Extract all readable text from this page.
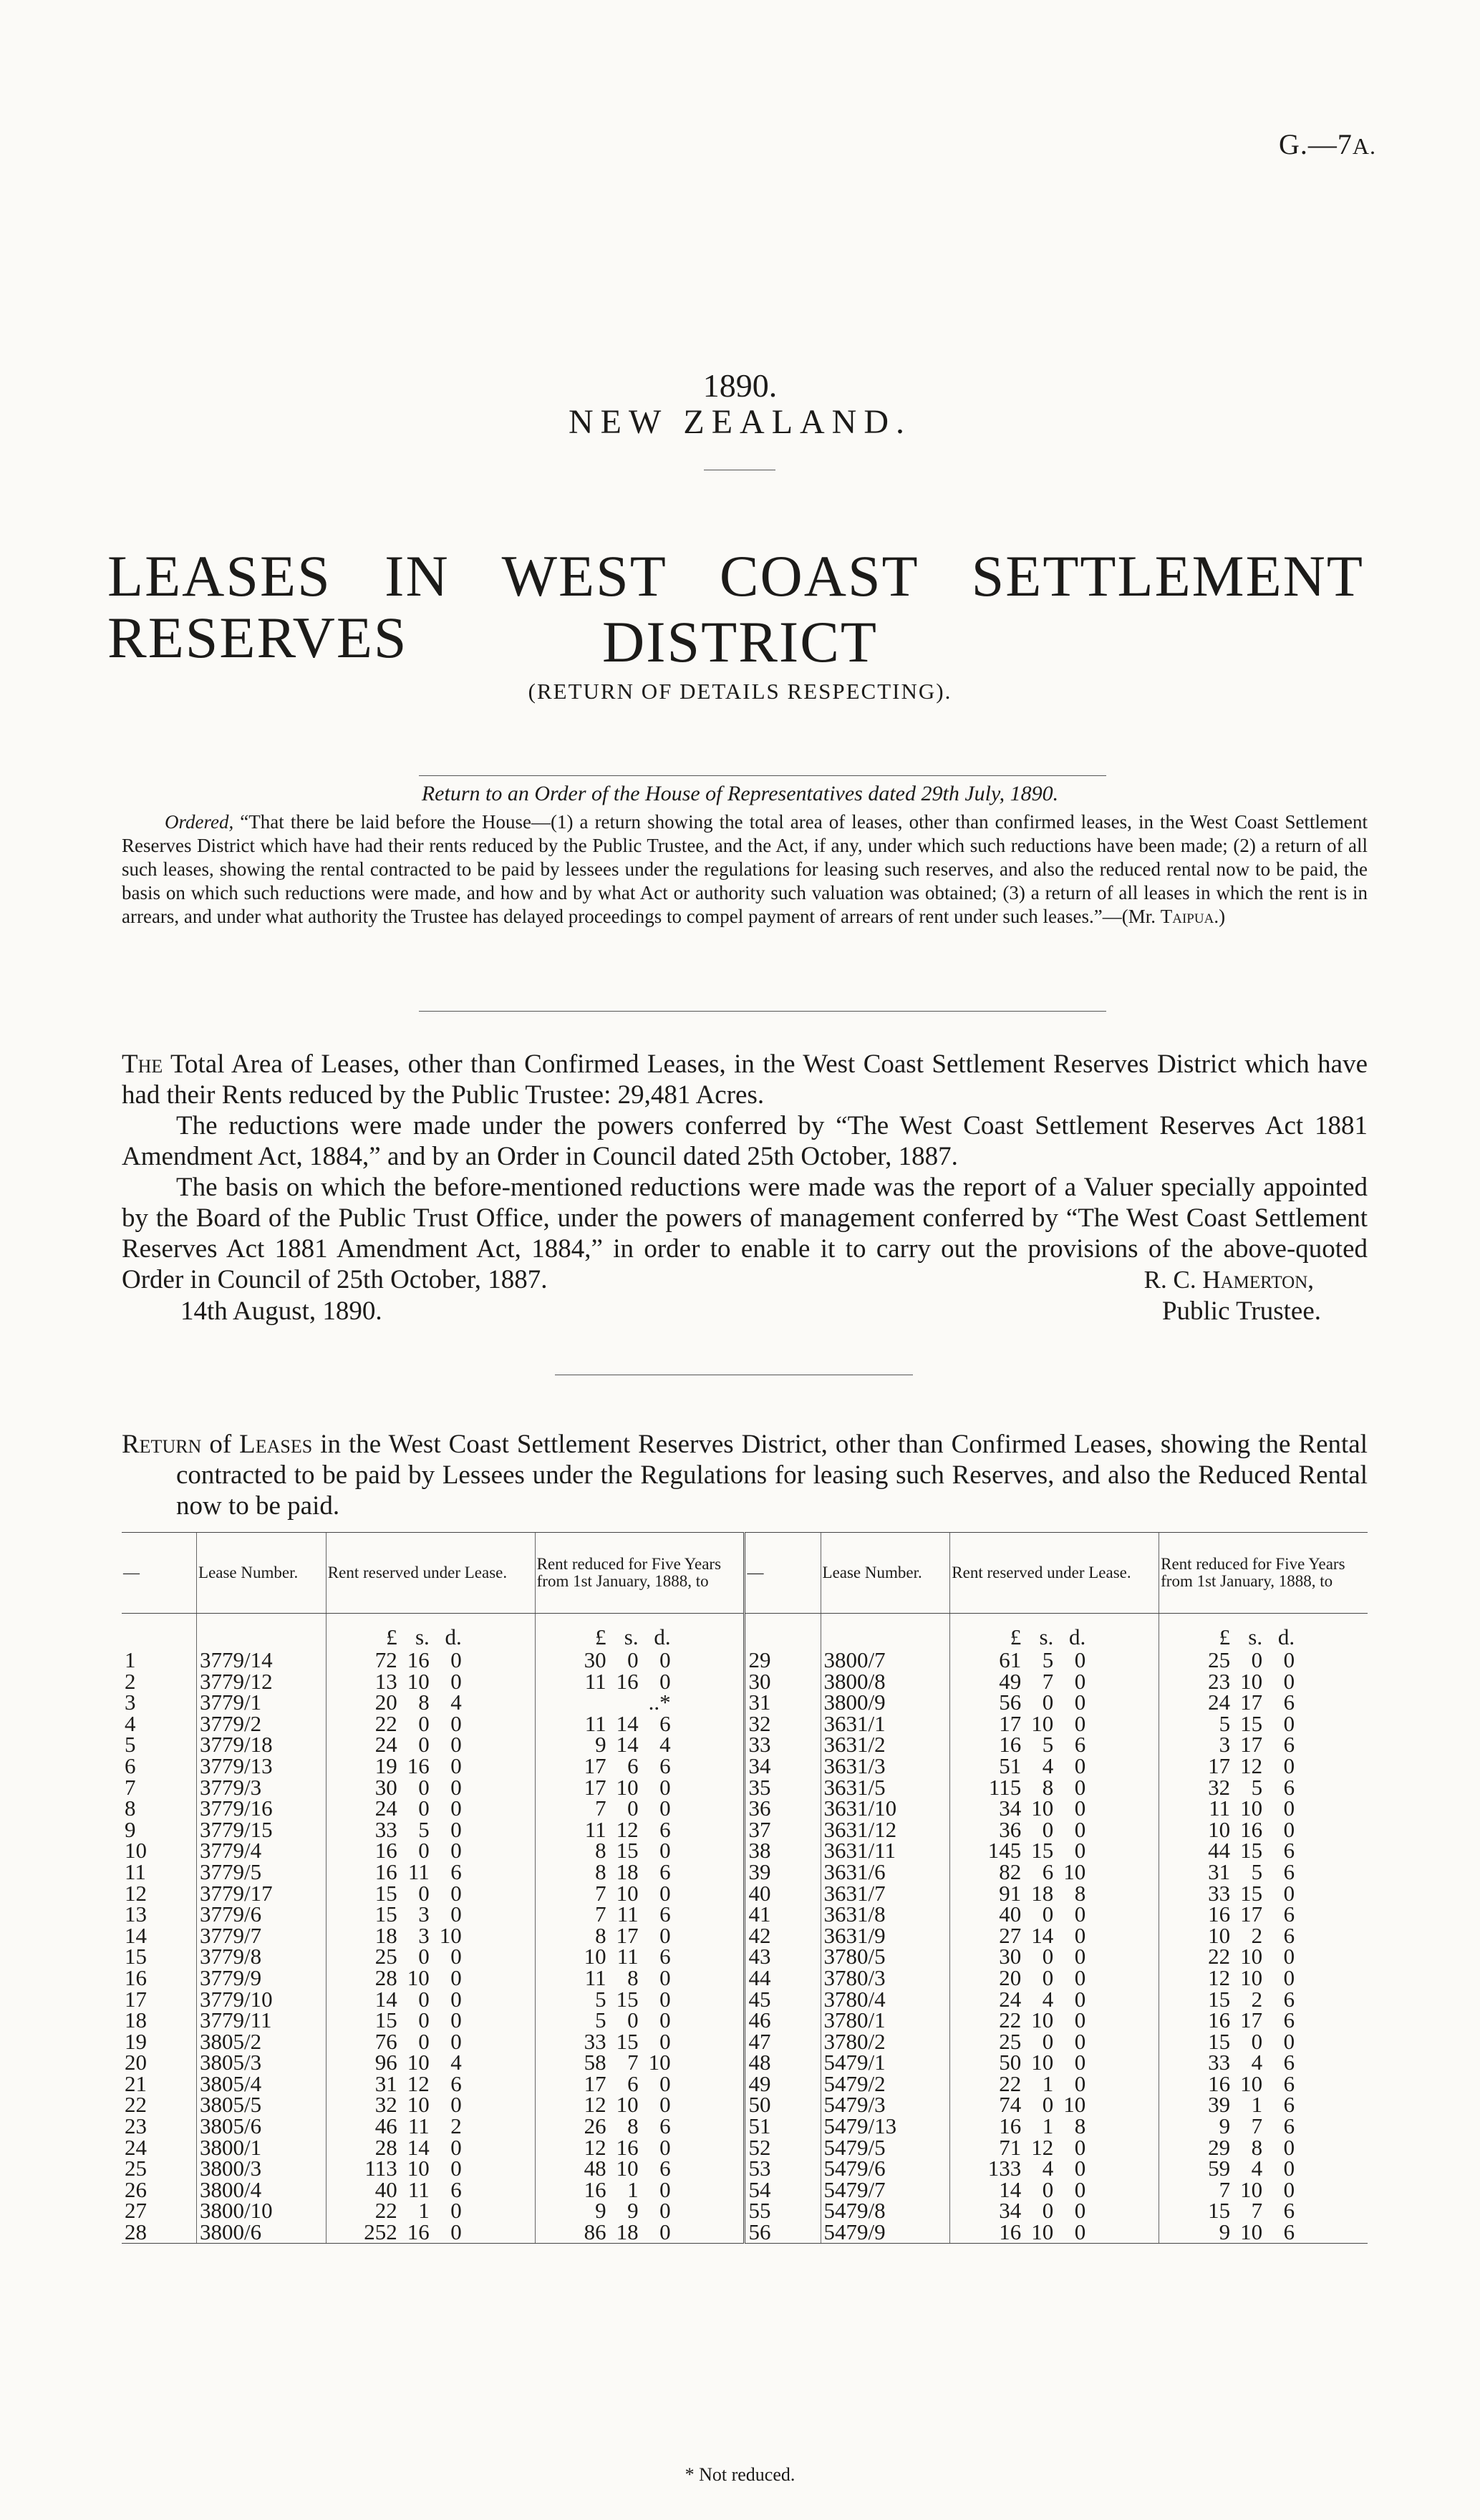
G.—7A.
1890.
NEW ZEALAND.
LEASES IN WEST COAST SETTLEMENT RESERVES	DISTRICT
(RETURN OF DETAILS RESPECTING).
Return to an Order of the House of Representatives dated 29th July, 1890.
Ordered, “That there be laid before the House—(1) a return showing the total area of leases, other than confirmed leases, in the West Coast Settlement Reserves District which have had their rents reduced by the Public Trustee, and the Act, if any, under which such reductions have been made; (2) a return of all such leases, showing the rental contracted to be paid by lessees under the regulations for leasing such reserves, and also the reduced rental now to be paid, the basis on which such reductions were made, and how and by what Act or authority such valuation was obtained; (3) a return of all leases in which the rent is in arrears, and under what authority the Trustee has delayed proceedings to compel payment of arrears of rent under such leases.”—(Mr. Taipua.)

The Total Area of Leases, other than Confirmed Leases, in the West Coast Settlement Reserves District which have had their Rents reduced by the Public Trustee: 29,481 Acres.

The reductions were made under the powers conferred by “The West Coast Settlement Reserves Act 1881 Amendment Act, 1884,” and by an Order in Council dated 25th October, 1887.

The basis on which the before-mentioned reductions were made was the report of a Valuer specially appointed by the Board of the Public Trust Office, under the powers of management conferred by “The West Coast Settlement Reserves Act 1881 Amendment Act, 1884,” in order to enable it to carry out the provisions of the above-quoted Order in Council of 25th October, 1887.	R. C. Hamerton,
14th August, 1890.	Public Trustee.
Return of Leases in the West Coast Settlement Reserves District, other than Confirmed Leases, showing the Rental contracted to be paid by Lessees under the Regulations for leasing such Reserves, and also the Reduced Rental now to be paid.
—	Lease Number.	Rent reserved under Lease.	Rent reduced for Five Years from 1st January, 1888, to	—	Lease Number.	Rent reserved under Lease.	Rent reduced for Five Years from 1st January, 1888, to
		£ s. d.	£ s. d.			£ s. d.	£ s. d.
1	3779/14	72 16 0	30 0 0	29	3800/7	61 5 0	25 0 0
2	3779/12	13 10 0	11 16 0	30	3800/8	49 7 0	23 10 0
3	3779/1	20 8 4	..*	31	3800/9	56 0 0	24 17 6
4	3779/2	22 0 0	11 14 6	32	3631/1	17 10 0	5 15 0
5	3779/18	24 0 0	9 14 4	33	3631/2	16 5 6	3 17 6
6	3779/13	19 16 0	17 6 6	34	3631/3	51 4 0	17 12 0
7	3779/3	30 0 0	17 10 0	35	3631/5	115 8 0	32 5 6
8	3779/16	24 0 0	7 0 0	36	3631/10	34 10 0	11 10 0
9	3779/15	33 5 0	11 12 6	37	3631/12	36 0 0	10 16 0
10	3779/4	16 0 0	8 15 0	38	3631/11	145 15 0	44 15 6
11	3779/5	16 11 6	8 18 6	39	3631/6	82 6 10	31 5 6
12	3779/17	15 0 0	7 10 0	40	3631/7	91 18 8	33 15 0
13	3779/6	15 3 0	7 11 6	41	3631/8	40 0 0	16 17 6
14	3779/7	18 3 10	8 17 0	42	3631/9	27 14 0	10 2 6
15	3779/8	25 0 0	10 11 6	43	3780/5	30 0 0	22 10 0
16	3779/9	28 10 0	11 8 0	44	3780/3	20 0 0	12 10 0
17	3779/10	14 0 0	5 15 0	45	3780/4	24 4 0	15 2 6
18	3779/11	15 0 0	5 0 0	46	3780/1	22 10 0	16 17 6
19	3805/2	76 0 0	33 15 0	47	3780/2	25 0 0	15 0 0
20	3805/3	96 10 4	58 7 10	48	5479/1	50 10 0	33 4 6
21	3805/4	31 12 6	17 6 0	49	5479/2	22 1 0	16 10 6
22	3805/5	32 10 0	12 10 0	50	5479/3	74 0 10	39 1 6
23	3805/6	46 11 2	26 8 6	51	5479/13	16 1 8	9 7 6
24	3800/1	28 14 0	12 16 0	52	5479/5	71 12 0	29 8 0
25	3800/3	113 10 0	48 10 6	53	5479/6	133 4 0	59 4 0
26	3800/4	40 11 6	16 1 0	54	5479/7	14 0 0	7 10 0
27	3800/10	22 1 0	9 9 0	55	5479/8	34 0 0	15 7 6
28	3800/6	252 16 0	86 18 0	56	5479/9	16 10 0	9 10 6
* Not reduced.
